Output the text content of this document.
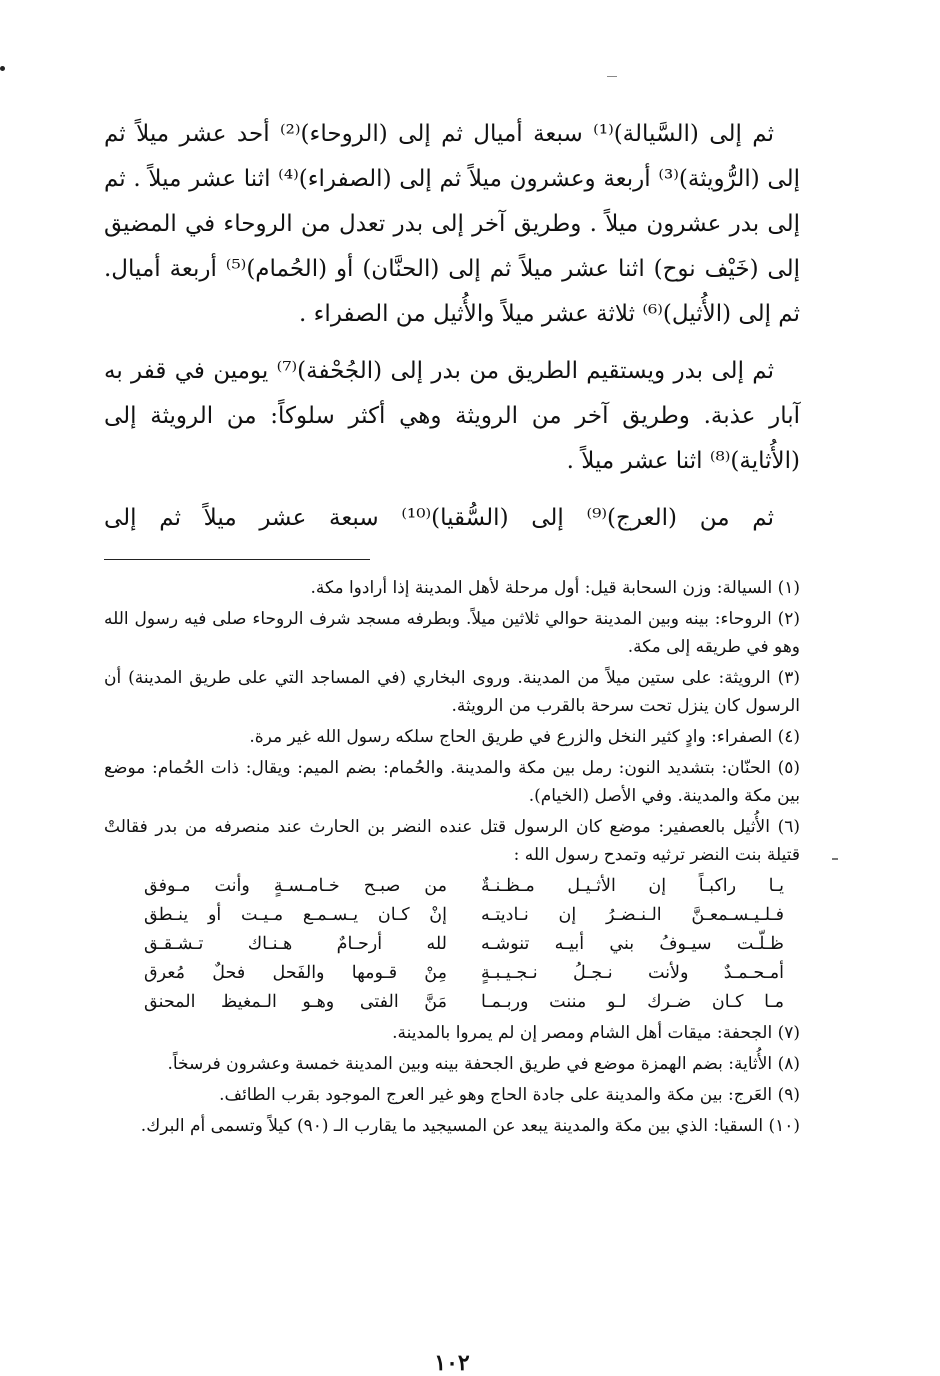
ثم إلى (السَّيالة)⁽¹⁾ سبعة أميال ثم إلى (الروحاء)⁽²⁾ أحد عشر ميلاً ثم إلى (الرُّويثة)⁽³⁾ أربعة وعشرون ميلاً ثم إلى (الصفراء)⁽⁴⁾ اثنا عشر ميلاً . ثم إلى بدر عشرون ميلاً . وطريق آخر إلى بدر تعدل من الروحاء في المضيق إلى (خَيْف نوح) اثنا عشر ميلاً ثم إلى (الحنَّان) أو (الحُمام)⁽⁵⁾ أربعة أميال. ثم إلى (الأُثيل)⁽⁶⁾ ثلاثة عشر ميلاً والأُثيل من الصفراء .

ثم إلى بدر ويستقيم الطريق من بدر إلى (الجُحْفة)⁽⁷⁾ يومين في قفر به آبار عذبة. وطريق آخر من الرويثة وهي أكثر سلوكاً: من الرويثة إلى (الأُثاية)⁽⁸⁾ اثنا عشر ميلاً .

ثم من (العرج)⁽⁹⁾ إلى (السُّقيا)⁽¹⁰⁾ سبعة عشر ميلاً ثم إلى

(١) السيالة: وزن السحابة قيل: أول مرحلة لأهل المدينة إذا أرادوا مكة.

(٢) الروحاء: بينه وبين المدينة حوالي ثلاثين ميلاً. وبطرفه مسجد شرف الروحاء صلى فيه رسول الله وهو في طريقه إلى مكة.

(٣) الرويثة: على ستين ميلاً من المدينة. وروى البخاري (في المساجد التي على طريق المدينة) أن الرسول كان ينزل تحت سرحة بالقرب من الرويثة.

(٤) الصفراء: وادٍ كثير النخل والزرع في طريق الحاج سلكه رسول الله غير مرة.

(٥) الحنّان: بتشديد النون: رمل بين مكة والمدينة. والحُمام: بضم الميم: ويقال: ذات الحُمام: موضع بين مكة والمدينة. وفي الأصل (الخيام).

(٦) الأُثيل بالعصفير: موضع كان الرسول قتل عنده النضر بن الحارث عند منصرفه من بدر فقالتْ قتيلة بنت النضر ترثيه وتمدح رسول الله :

يـا راكبـاً إن الأثـيـل مـظـنـةٌ
من صبـح خـامـسـةٍ وأنت مـوفق
فـلـيـسـمعـنَّ الـنـضـرُ إن نـاديتـه
إنْ كـان يـسـمـع مـيـت أو ينـطق
ظـلّـت سيـوفُ بني أبيـه تنوشـه
لله أرحـامٌ هـنـاك تـشـقـق
أمـحـمـدٌ ولأنت نـجـلُ نـجـيـبـةٍ
مِنْ قـومها والفَحل فحلٌ مُعرق
مـا كـان ضـرك لـو مننت وربـمـا
مَنَّ الفتى وهـو الـمغيظ المحنق

(٧) الجحفة: ميقات أهل الشام ومصر إن لم يمروا بالمدينة.

(٨) الأُثاية: بضم الهمزة موضع في طريق الجحفة بينه وبين المدينة خمسة وعشرون فرسخاً.

(٩) العَرج: بين مكة والمدينة على جادة الحاج وهو غير العرج الموجود بقرب الطائف.

(١٠) السقيا: الذي بين مكة والمدينة يبعد عن المسيجيد ما يقارب الـ (٩٠) كيلاً وتسمى أم البرك.

١٠٢
